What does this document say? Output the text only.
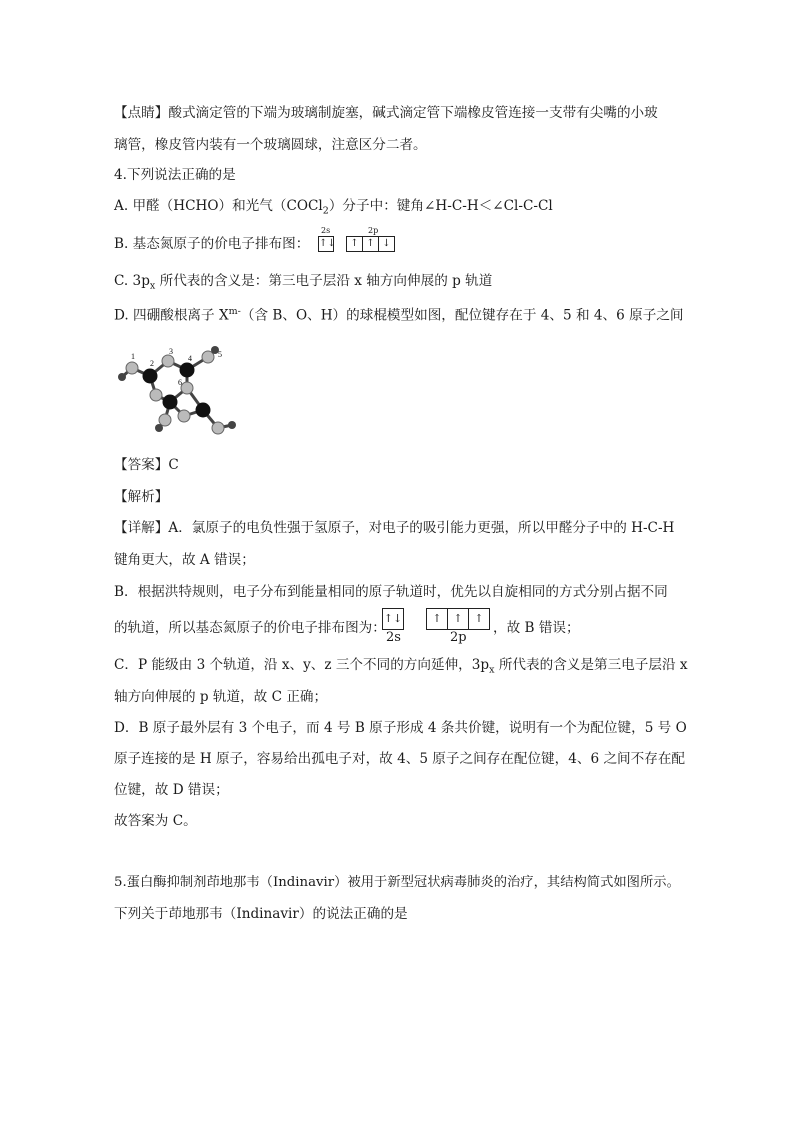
【点睛】酸式滴定管的下端为玻璃制旋塞，碱式滴定管下端橡皮管连接一支带有尖嘴的小玻
璃管，橡皮管内装有一个玻璃圆球，注意区分二者。
4.下列说法正确的是
A. 甲醛（HCHO）和光气（COCl$_2$）分子中：键角∠H-C-H＜∠Cl-C-Cl
B. 基态氮原子的价电子排布图：
2s	2p
↑↓	↑ ↑ ↓
C. $3p_x$ 所代表的含义是：第三电子层沿 x 轴方向伸展的 p 轨道
D. 四硼酸根离子 $X^{m-}$（含 B、O、H）的球棍模型如图，配位键存在于 4、5 和 4、6 原子之间
1
2
3
4	5
6
【答案】C
【解析】
【详解】A．氯原子的电负性强于氢原子，对电子的吸引能力更强，所以甲醛分子中的 H-C-H
键角更大，故 A 错误；
B．根据洪特规则，电子分布到能量相同的原子轨道时，优先以自旋相同的方式分别占据不同
的轨道，所以基态氮原子的价电子排布图为：
↑↓	↑	↑	↑
2s	2p
，故 B 错误；
C．P 能级由 3 个轨道，沿 x、y、z 三个不同的方向延伸，$3p_x$ 所代表的含义是第三电子层沿 x
轴方向伸展的 p 轨道，故 C 正确；
D．B 原子最外层有 3 个电子，而 4 号 B 原子形成 4 条共价键，说明有一个为配位键，5 号 O
原子连接的是 H 原子，容易给出孤电子对，故 4、5 原子之间存在配位键，4、6 之间不存在配
位键，故 D 错误；
故答案为 C。
5.蛋白酶抑制剂茚地那韦（Indinavir）被用于新型冠状病毒肺炎的治疗，其结构简式如图所示。
下列关于茚地那韦（Indinavir）的说法正确的是
